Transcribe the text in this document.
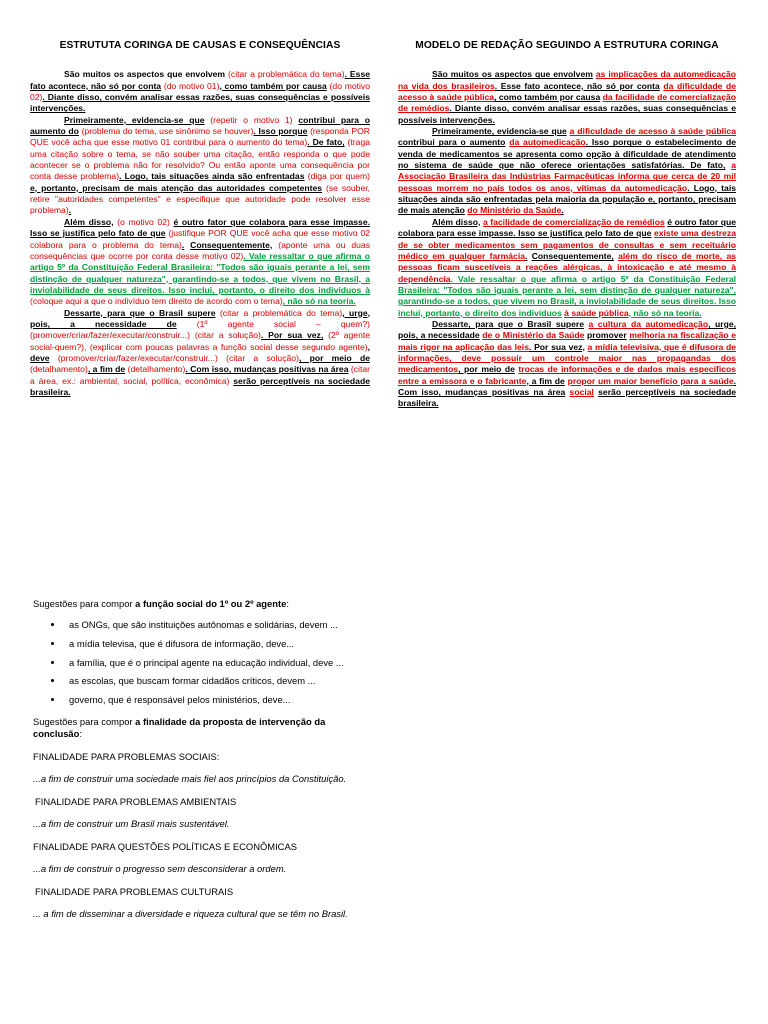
ESTRUTUTA CORINGA DE CAUSAS E CONSEQUÊNCIAS

São muitos os aspectos que envolvem (citar a problemática do tema). Esse fato acontece, não só por conta (do motivo 01), como também por causa (do motivo 02). Diante disso, convém analisar essas razões, suas consequências e possíveis intervenções.

Primeiramente, evidencia-se que (repetir o motivo 1) contribui para o aumento do (problema do tema, use sinônimo se houver). Isso porque (responda POR QUE você acha que esse motivo 01 contribui para o aumento do tema). De fato, (traga uma citação sobre o tema, se não souber uma citação, então responda o que pode acontecer se o problema não for resolvido? Ou então aponte uma consequência por conta desse problema). Logo, tais situações ainda são enfrentadas (diga por quem) e, portanto, precisam de mais atenção das autoridades competentes (se souber, retire "autoridades competentes" e especifique que autoridade pode resolver esse problema).

Além disso, (o motivo 02) é outro fator que colabora para esse impasse. Isso se justifica pelo fato de que (justifique POR QUE você acha que esse motivo 02 colabora para o problema do tema). Consequentemente, (aponte uma ou duas consequências que ocorre por conta desse motivo 02). Vale ressaltar o que afirma o artigo 5º da Constituição Federal Brasileira: "Todos são iguais perante a lei, sem distinção de qualquer natureza", garantindo-se a todos, que vivem no Brasil, a inviolabilidade de seus direitos. Isso inclui, portanto, o direito dos indivíduos à (coloque aqui a que o indivíduo tem direito de acordo com o tema), não só na teoria.

Dessarte, para que o Brasil supere (citar a problemática do tema), urge, pois, a necessidade de (1º agente social – quem?) (promover/criar/fazer/executar/construir...) (citar a solução). Por sua vez, (2º agente social-quem?), (explicar com poucas palavras a função social desse segundo agente), deve (promover/criar/fazer/executar/construir...) (citar a solução), por meio de (detalhamento), a fim de (detalhamento). Com isso, mudanças positivas na área (citar a área, ex.: ambiental, social, política, econômica) serão perceptíveis na sociedade brasileira.

MODELO DE REDAÇÃO SEGUINDO A ESTRUTURA CORINGA

São muitos os aspectos que envolvem as implicações da automedicação na vida dos brasileiros. Esse fato acontece, não só por conta da dificuldade de acesso à saúde pública, como também por causa da facilidade de comercialização de remédios. Diante disso, convém analisar essas razões, suas consequências e possíveis intervenções.

Primeiramente, evidencia-se que a dificuldade de acesso à saúde pública contribui para o aumento da automedicação. Isso porque o estabelecimento de venda de medicamentos se apresenta como opção à dificuldade de atendimento no sistema de saúde que não oferece orientações satisfatórias. De fato, a Associação Brasileira das Indústrias Farmacêuticas informa que cerca de 20 mil pessoas morrem no país todos os anos, vítimas da automedicação. Logo, tais situações ainda são enfrentadas pela maioria da população e, portanto, precisam de mais atenção do Ministério da Saúde.

Além disso, a facilidade de comercialização de remédios é outro fator que colabora para esse impasse. Isso se justifica pelo fato de que existe uma destreza de se obter medicamentos sem pagamentos de consultas e sem receituário médico em qualquer farmácia. Consequentemente, além do risco de morte, as pessoas ficam suscetíveis a reações alérgicas, à intoxicação e até mesmo à dependência. Vale ressaltar o que afirma o artigo 5º da Constituição Federal Brasileira: "Todos são iguais perante a lei, sem distinção de qualquer natureza", garantindo-se a todos, que vivem no Brasil, a inviolabilidade de seus direitos. Isso inclui, portanto, o direito dos indivíduos à saúde pública, não só na teoria.

Dessarte, para que o Brasil supere a cultura da automedicação, urge, pois, a necessidade de o Ministério da Saúde promover melhoria na fiscalização e mais rigor na aplicação das leis. Por sua vez, a mídia televisiva, que é difusora de informações, deve possuir um controle maior nas propagandas dos medicamentos, por meio de trocas de informações e de dados mais específicos entre a emissora e o fabricante, a fim de propor um maior benefício para a saúde. Com isso, mudanças positivas na área social serão perceptíveis na sociedade brasileira.

Sugestões para compor a função social do 1º ou 2º agente:
• as ONGs, que são instituições autônomas e solidárias, devem ...
• a mídia televisa, que é difusora de informação, deve...
• a família, que é o principal agente na educação individual, deve ...
• as escolas, que buscam formar cidadãos críticos, devem ...
• governo, que é responsável pelos ministérios, deve...
Sugestões para compor a finalidade da proposta de intervenção da conclusão:
FINALIDADE PARA PROBLEMAS SOCIAIS:
...a fim de construir uma sociedade mais fiel aos princípios da Constituição.
FINALIDADE PARA PROBLEMAS AMBIENTAIS
...a fim de construir um Brasil mais sustentável.
FINALIDADE PARA QUESTÕES POLÍTICAS E ECONÔMICAS
...a fim de construir o progresso sem desconsiderar a ordem.
FINALIDADE PARA PROBLEMAS CULTURAIS
... a fim de disseminar a diversidade e riqueza cultural que se têm no Brasil.
